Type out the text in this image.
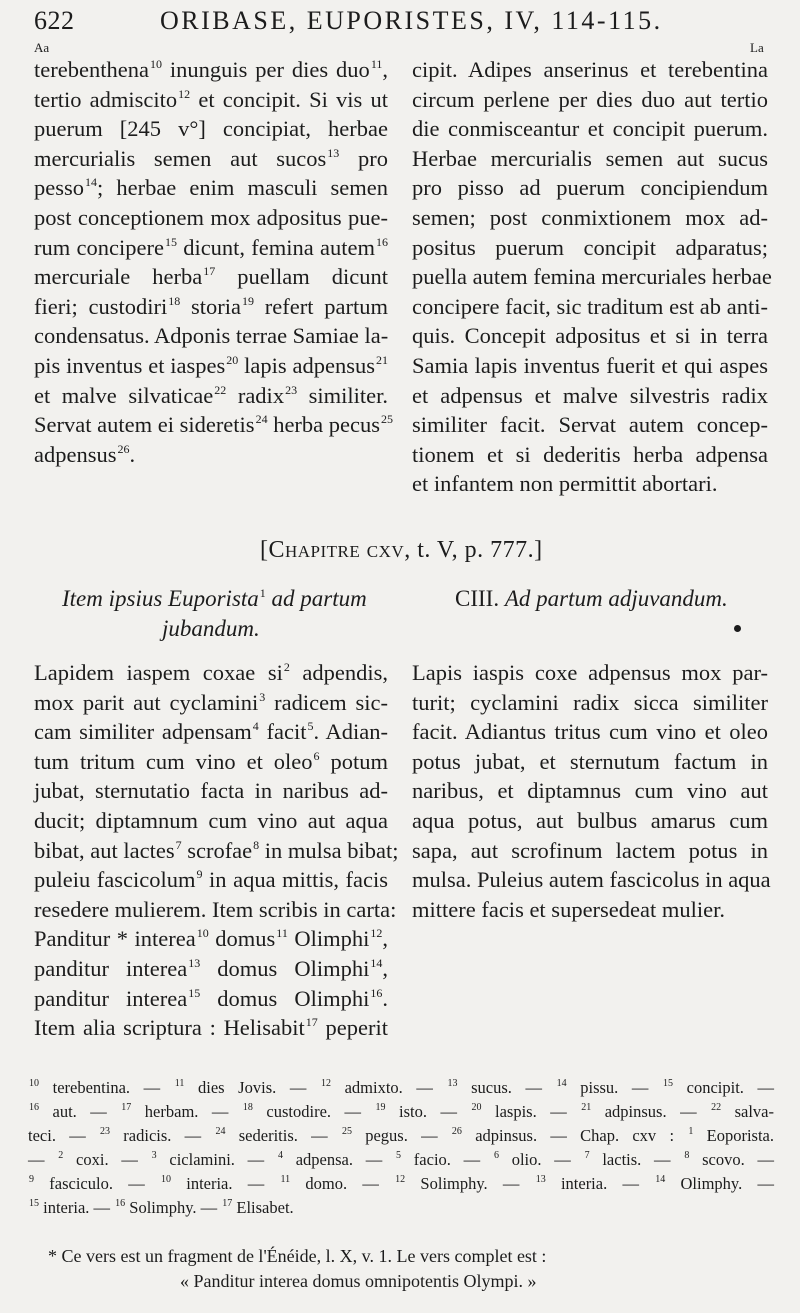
622	ORIBASE, EUPORISTES, IV, 114-115.
Aa	La
terebenthena$^{10}$ inunguis per dies duo$^{11}$,
tertio admiscito$^{12}$ et concipit. Si vis ut
puerum [245 v°] concipiat, herbae
mercurialis semen aut sucos$^{13}$ pro
pesso$^{14}$; herbae enim masculi semen
post conceptionem mox adpositus pue-
rum concipere$^{15}$ dicunt, femina autem$^{16}$
mercuriale herba$^{17}$ puellam dicunt
fieri; custodiri$^{18}$ storia$^{19}$ refert partum
condensatus. Adponis terrae Samiae la-
pis inventus et iaspes$^{20}$ lapis adpensus$^{21}$
et malve silvaticae$^{22}$ radix$^{23}$ similiter.
Servat autem ei sideretis$^{24}$ herba pecus$^{25}$
adpensus$^{26}$.
cipit. Adipes anserinus et terebentina
circum perlene per dies duo aut tertio
die conmisceantur et concipit puerum.
Herbae mercurialis semen aut sucus
pro pisso ad puerum concipiendum
semen; post conmixtionem mox ad-
positus puerum concipit adparatus;
puella autem femina mercuriales herbae
concipere facit, sic traditum est ab anti-
quis. Concepit adpositus et si in terra
Samia lapis inventus fuerit et qui aspes
et adpensus et malve silvestris radix
similiter facit. Servat autem concep-
tionem et si dederitis herba adpensa
et infantem non permittit abortari.
[Chapitre cxv, t. V, p. 777.]
Item ipsius Euporista$^1$ ad partum
jubandum.
CIII. Ad partum adjuvandum.
Lapidem iaspem coxae $si^2$ adpendis,
mox parit aut cyclamini$^3$ radicem sic-
cam similiter adpensam$^4$ facit$^5$. Adian-
tum tritum cum vino et oleo$^6$ potum
jubat, sternutatio facta in naribus ad-
ducit; diptamnum cum vino aut aqua
bibat, aut lactes$^7$ scrofae$^8$ in mulsa bibat;
puleiu fascicolum$^9$ in aqua mittis, facis
resedere mulierem. Item scribis in carta:
Panditur * interea$^{10}$ domus$^{11}$ Olimphi$^{12}$,
panditur interea$^{13}$ domus Olimphi$^{14}$,
panditur interea$^{15}$ domus Olimphi$^{16}$.
Item alia scriptura : Helisabit$^{17}$ peperit
Lapis iaspis coxe adpensus mox par-
turit; cyclamini radix sicca similiter
facit. Adiantus tritus cum vino et oleo
potus jubat, et sternutum factum in
naribus, et diptamnus cum vino aut
aqua potus, aut bulbus amarus cum
sapa, aut scrofinum lactem potus in
mulsa. Puleius autem fascicolus in aqua
mittere facis et supersedeat mulier.
$^{10}$ terebentina. — $^{11}$ dies Jovis. — $^{12}$ admixto. — $^{13}$ sucus. — $^{14}$ pissu. — $^{15}$ concipit. —
$^{16}$ aut. — $^{17}$ herbam. — $^{18}$ custodire. — $^{19}$ isto. — $^{20}$ laspis. — $^{21}$ adpinsus. — $^{22}$ salva-
teci. — $^{23}$ radicis. — $^{24}$ sederitis. — $^{25}$ pegus. — $^{26}$ adpinsus. — Chap. cxv : $^1$ Eoporista.
— $^2$ coxi. — $^3$ ciclamini. — $^4$ adpensa. — $^5$ facio. — $^6$ olio. — $^7$ lactis. — $^8$ scovo. —
$^9$ fasciculo. — $^{10}$ interia. — $^{11}$ domo. — $^{12}$ Solimphy. — $^{13}$ interia. — $^{14}$ Olimphy. —
$^{15}$ interia. — $^{16}$ Solimphy. — $^{17}$ Elisabet.
* Ce vers est un fragment de l'Énéide, l. X, v. 1. Le vers complet est :
« Panditur interea domus omnipotentis Olympi. »
